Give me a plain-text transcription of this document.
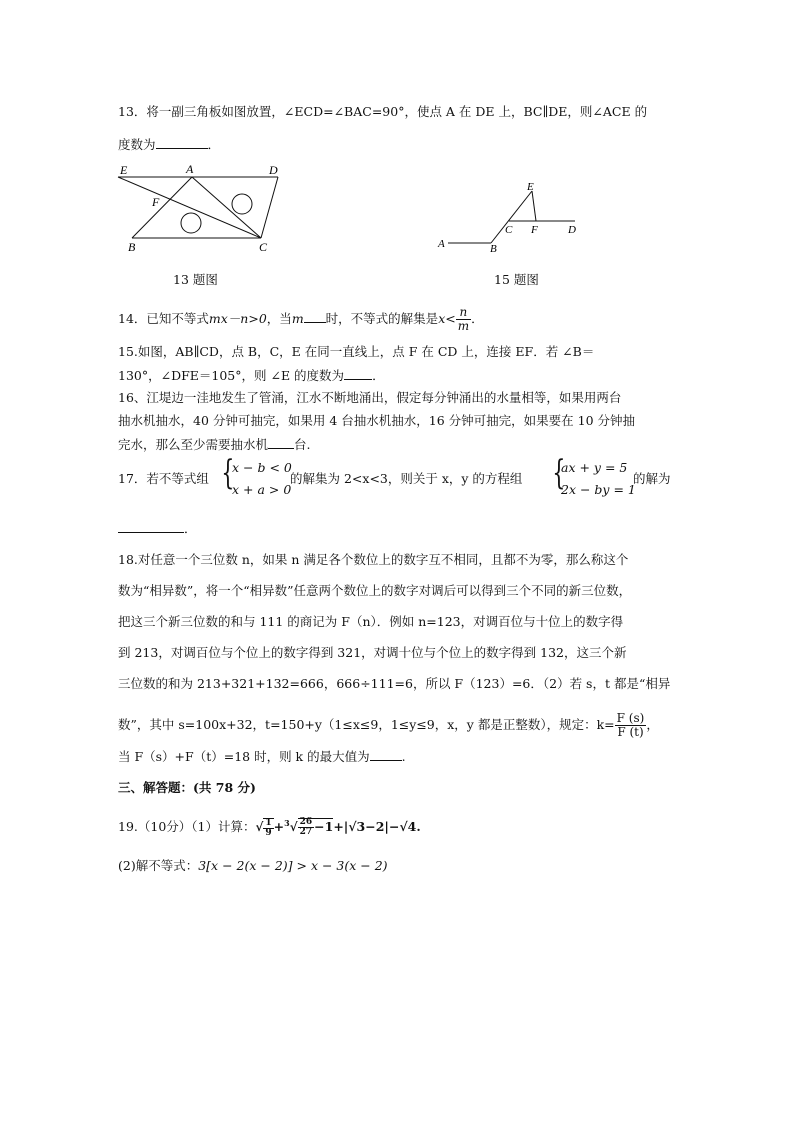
13．将一副三角板如图放置，∠ECD=∠BAC=90°，使点 A 在 DE 上，BC∥DE，则∠ACE 的
度数为	．
E	A	D
F
B	C
13 题图
E
A	B
C F	D
15 题图
14．已知不等式mx－n>0，当m 时，不等式的解集是$x< \frac{n}{m}$ ．
15.如图，AB∥CD，点 B，C，E 在同一直线上，点 F 在 CD 上，连接 EF．若 ∠B＝
130°，∠DFE＝105°，则 ∠E 的度数为 ．
16、江堤边一洼地发生了管涌，江水不断地涌出，假定每分钟涌出的水量相等，如果用两台
抽水机抽水，40 分钟可抽完，如果用 4 台抽水机抽水，16 分钟可抽完，如果要在 10 分钟抽
完水，那么至少需要抽水机 台.
17．若不等式组 {
x − b < 0
x + a > 0
的解集为 2<x<3，则关于 x，y 的方程组 {
ax + y = 5
2x − by = 1
的解为
．
18.对任意一个三位数 n，如果 n 满足各个数位上的数字互不相同，且都不为零，那么称这个
数为“相异数”，将一个“相异数”任意两个数位上的数字对调后可以得到三个不同的新三位数，
把这三个新三位数的和与 111 的商记为 F（n）．例如 n=123，对调百位与十位上的数字得
到 213，对调百位与个位上的数字得到 321，对调十位与个位上的数字得到 132，这三个新
三位数的和为 213+321+132=666，666÷111=6，所以 F（123）=6．（2）若 s，t 都是“相异
数”，其中 s=100x+32，t=150+y（1≤x≤9，1≤y≤9，x，y 都是正整数），规定：$k= \frac{F (s)}{F (t)}$ ，
当 F（s）+F（t）=18 时，则 k 的最大值为	.
三、解答题：(共 78 分)
19.（10分）（1）计算：√ $\frac{1}{9} +^3√ \frac{26}{27} -1+|√3-2|-√4$.
(2)解不等式：3[x − 2(x − 2)] > x − 3(x − 2)
